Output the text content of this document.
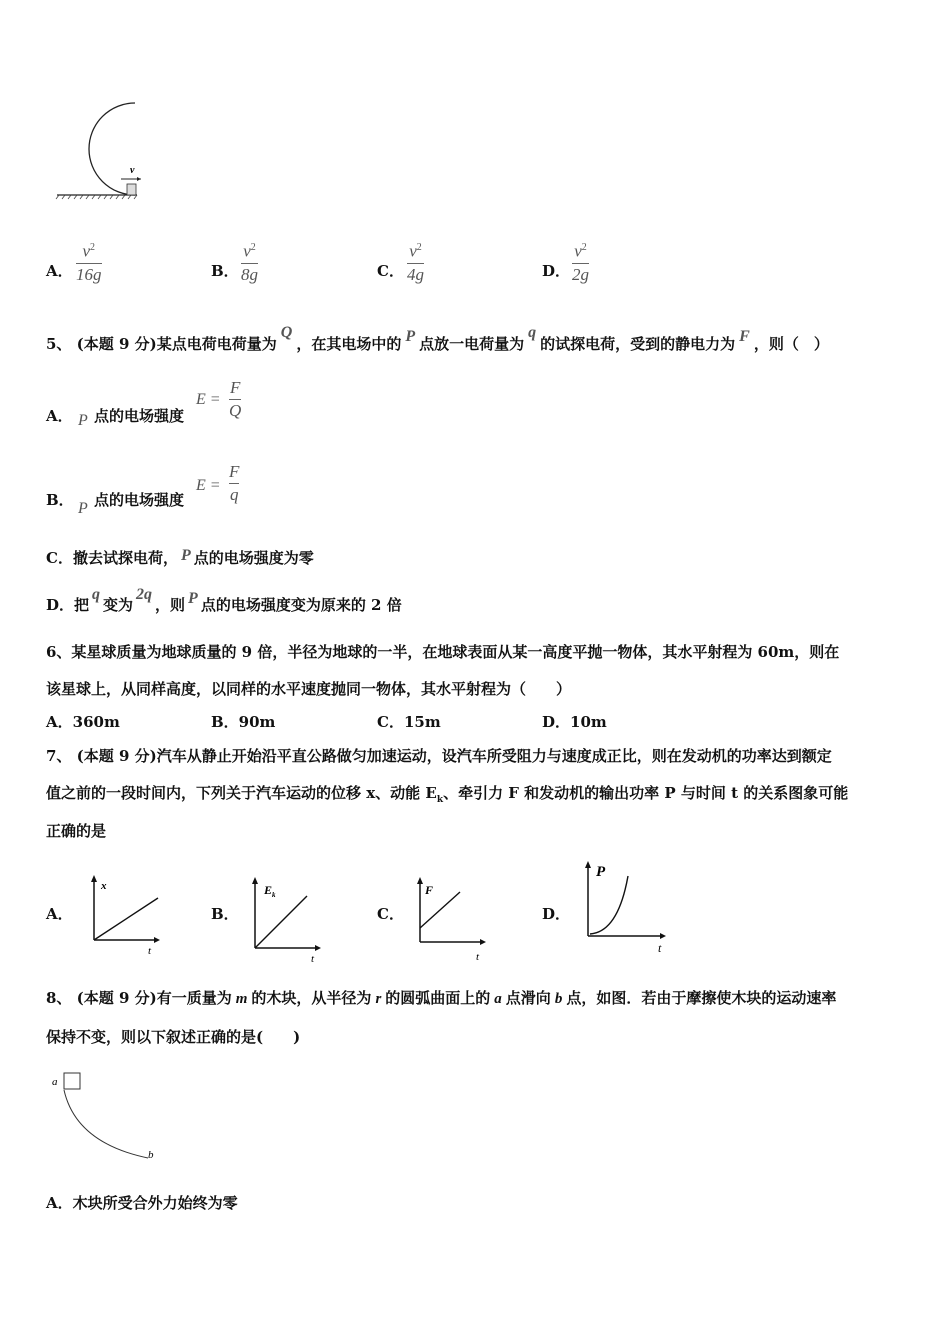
v
A．
$v^2$
16g	B．
$v^2$
8g	C．
$v^2$
4g	D．
$v^2$
2g
5、 (本题 9 分)某点电荷电荷量为Q，在其电场中的 P 点放一电荷量为q的试探电荷，受到的静电力为 F ，则（　）
A． P 点的电场强度
E =
F
Q
B． P 点的电场强度
E =
F
q
C．撤去试探电荷， P 点的电场强度为零
D．把q变为2q，则 P 点的电场强度变为原来的 2 倍
6、某星球质量为地球质量的 9 倍，半径为地球的一半，在地球表面从某一高度平抛一物体，其水平射程为 60m，则在
该星球上，从同样高度，以同样的水平速度抛同一物体，其水平射程为（　　）
A．360m	B．90m	C．15m	D．10m
7、 (本题 9 分)汽车从静止开始沿平直公路做匀加速运动，设汽车所受阻力与速度成正比，则在发动机的功率达到额定
值之前的一段时间内，下列关于汽车运动的位移 x、动能 $E_k$、牵引力 F 和发动机的输出功率 P 与时间 t 的关系图象可能
正确的是
A．
x
t
B．
$E_k$
t
C．
F
t
D．
P
t
8、 (本题 9 分)有一质量为 m 的木块，从半径为 r 的圆弧曲面上的 a 点滑向 b 点，如图．若由于摩擦使木块的运动速率
保持不变，则以下叙述正确的是(　　)
a
b
A．木块所受合外力始终为零
